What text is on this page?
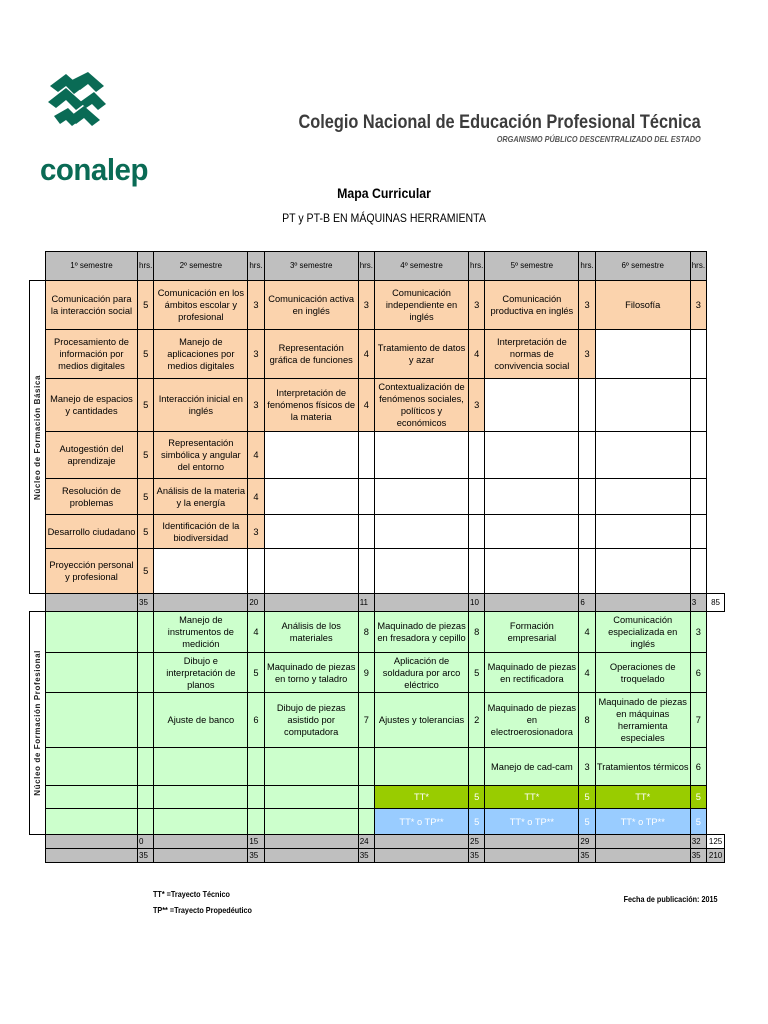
conalep
Colegio Nacional de Educación Profesional Técnica
ORGANISMO PÚBLICO DESCENTRALIZADO DEL ESTADO
Mapa Curricular
PT y PT-B EN MÁQUINAS HERRAMIENTA
	1º semestre	hrs.	2º semestre	hrs.	3º semestre	hrs.	4º semestre	hrs.	5º semestre	hrs.	6º semestre	hrs.	

Núcleo de Formación Básica	Comunicación para la interacción social	5	Comunicación en los ámbitos escolar y profesional	3	Comunicación activa en inglés	3	Comunicación independiente en inglés	3	Comunicación productiva en inglés	3	Filosofía	3	
	Procesamiento de información por medios digitales	5	Manejo de aplicaciones por medios digitales	3	Representación gráfica de funciones	4	Tratamiento de datos y azar	4	Interpretación de normas de convivencia social	3			
	Manejo de espacios y cantidades	5	Interacción inicial en inglés	3	Interpretación de fenómenos físicos de la materia	4	Contextualización de fenómenos sociales, políticos y económicos	3					
	Autogestión del aprendizaje	5	Representación simbólica y angular del entorno	4									
	Resolución de problemas	5	Análisis de la materia y la energía	4									
	Desarrollo ciudadano	5	Identificación de la biodiversidad	3									
	Proyección personal y profesional	5											
		35		20		11		10		6		3	85

Núcleo de Formación Profesional			Manejo de instrumentos de medición	4	Análisis de los materiales	8	Maquinado de piezas en fresadora y cepillo	8	Formación empresarial	4	Comunicación especializada en inglés	3	
			Dibujo e interpretación de planos	5	Maquinado de piezas en torno y taladro	9	Aplicación de soldadura por arco eléctrico	5	Maquinado de piezas en rectificadora	4	Operaciones de troquelado	6	
			Ajuste de banco	6	Dibujo de piezas asistido por computadora	7	Ajustes y tolerancias	2	Maquinado de piezas en electroerosionadora	8	Maquinado de piezas en máquinas herramienta especiales	7	
									Manejo de cad-cam	3	Tratamientos térmicos	6	
							TT*	5	TT*	5	TT*	5	
							TT* o TP**	5	TT* o TP**	5	TT* o TP**	5	
		0		15		24		25		29		32	125
		35		35		35		35		35		35	210
TT* =Trayecto Técnico
TP** =Trayecto Propedéutico
Fecha de publicación: 2015
